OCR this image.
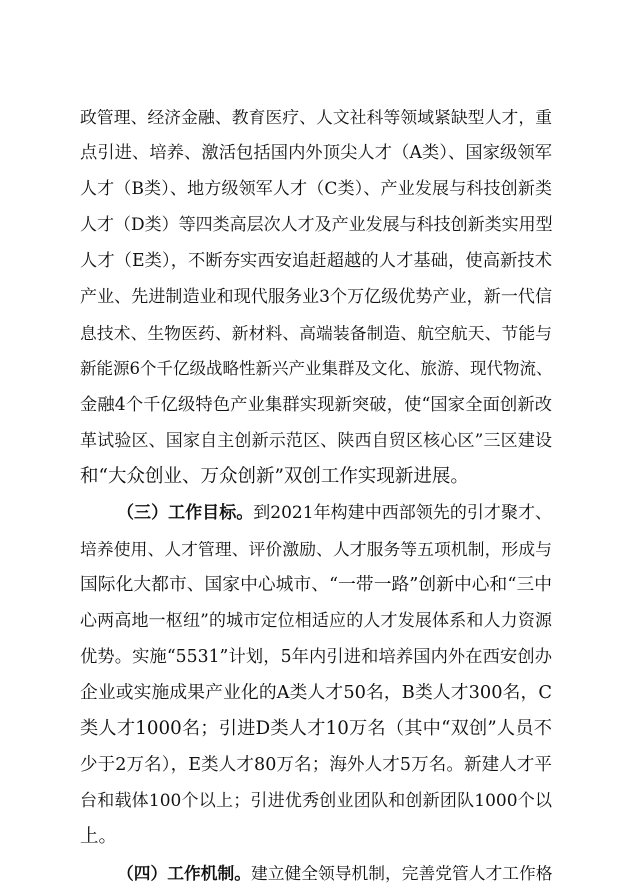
政管理、经济金融、教育医疗、人文社科等领域紧缺型人才，重
点引进、培养、激活包括国内外顶尖人才（A类）、国家级领军
人才（B类）、地方级领军人才（C类）、产业发展与科技创新类
人才（D类）等四类高层次人才及产业发展与科技创新类实用型
人才（E类），不断夯实西安追赶超越的人才基础，使高新技术
产业、先进制造业和现代服务业3个万亿级优势产业，新一代信
息技术、生物医药、新材料、高端装备制造、航空航天、节能与
新能源6个千亿级战略性新兴产业集群及文化、旅游、现代物流、
金融4个千亿级特色产业集群实现新突破，使“国家全面创新改
革试验区、国家自主创新示范区、陕西自贸区核心区”三区建设
和“大众创业、万众创新”双创工作实现新进展。
（三）工作目标。到2021年构建中西部领先的引才聚才、
培养使用、人才管理、评价激励、人才服务等五项机制，形成与
国际化大都市、国家中心城市、“一带一路”创新中心和“三中
心两高地一枢纽”的城市定位相适应的人才发展体系和人力资源
优势。实施“5531”计划，5年内引进和培养国内外在西安创办
企业或实施成果产业化的A类人才50名，B类人才300名，C
类人才1000名；引进D类人才10万名（其中“双创”人员不
少于2万名），E类人才80万名；海外人才5万名。新建人才平
台和载体100个以上；引进优秀创业团队和创新团队1000个以
上。
（四）工作机制。建立健全领导机制，完善党管人才工作格
